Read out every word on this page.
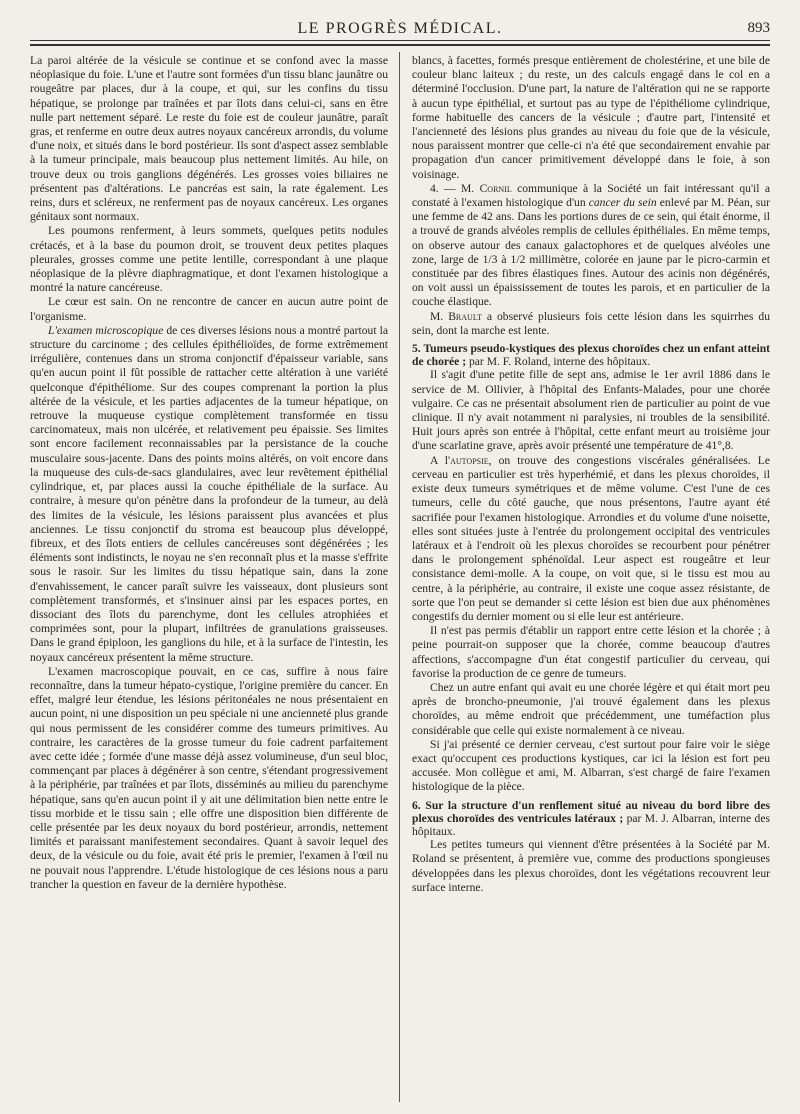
LE PROGRÈS MÉDICAL.	893

La paroi altérée de la vésicule se continue et se confond avec la masse néoplasique du foie. L'une et l'autre sont formées d'un tissu blanc jaunâtre ou rougeâtre par places, dur à la coupe, et qui, sur les confins du tissu hépatique, se prolonge par traînées et par îlots dans celui-ci, sans en être nulle part nettement séparé. Le reste du foie est de couleur jaunâtre, paraît gras, et renferme en outre deux autres noyaux cancéreux arrondis, du volume d'une noix, et situés dans le bord postérieur. Ils sont d'aspect assez semblable à la tumeur principale, mais beaucoup plus nettement limités. Au hile, on trouve deux ou trois ganglions dégénérés. Les grosses voies biliaires ne présentent pas d'altérations. Le pancréas est sain, la rate également. Les reins, durs et scléreux, ne renferment pas de noyaux cancéreux. Les organes génitaux sont normaux.

Les poumons renferment, à leurs sommets, quelques petits nodules crétacés, et à la base du poumon droit, se trouvent deux petites plaques pleurales, grosses comme une petite lentille, correspondant à une plaque néoplasique de la plèvre diaphragmatique, et dont l'examen histologique a montré la nature cancéreuse.

Le cœur est sain. On ne rencontre de cancer en aucun autre point de l'organisme.

L'examen microscopique de ces diverses lésions nous a montré partout la structure du carcinome ; des cellules épithélioïdes, de forme extrêmement irrégulière, contenues dans un stroma conjonctif d'épaisseur variable, sans qu'en aucun point il fût possible de rattacher cette altération à une variété quelconque d'épithéliome. Sur des coupes comprenant la portion la plus altérée de la vésicule, et les parties adjacentes de la tumeur hépatique, on retrouve la muqueuse cystique complètement transformée en tissu carcinomateux, mais non ulcérée, et relativement peu épaissie. Ses limites sont encore facilement reconnaissables par la persistance de la couche musculaire sous-jacente. Dans des points moins altérés, on voit encore dans la muqueuse des culs-de-sacs glandulaires, avec leur revêtement épithélial cylindrique, et, par places aussi la couche épithéliale de la surface. Au contraire, à mesure qu'on pénètre dans la profondeur de la tumeur, au delà des limites de la vésicule, les lésions paraissent plus avancées et plus anciennes. Le tissu conjonctif du stroma est beaucoup plus développé, fibreux, et des îlots entiers de cellules cancéreuses sont dégénérées ; les éléments sont indistincts, le noyau ne s'en reconnaît plus et la masse s'effrite sous le rasoir. Sur les limites du tissu hépatique sain, dans la zone d'envahissement, le cancer paraît suivre les vaisseaux, dont plusieurs sont complètement transformés, et s'insinuer ainsi par les espaces portes, en dissociant des îlots du parenchyme, dont les cellules atrophiées et comprimées sont, pour la plupart, infiltrées de granulations graisseuses. Dans le grand épiploon, les ganglions du hile, et à la surface de l'intestin, les noyaux cancéreux présentent la même structure.

L'examen macroscopique pouvait, en ce cas, suffire à nous faire reconnaître, dans la tumeur hépato-cystique, l'origine première du cancer. En effet, malgré leur étendue, les lésions péritonéales ne nous présentaient en aucun point, ni une disposition un peu spéciale ni une ancienneté plus grande qui nous permissent de les considérer comme des tumeurs primitives. Au contraire, les caractères de la grosse tumeur du foie cadrent parfaitement avec cette idée ; formée d'une masse déjà assez volumineuse, d'un seul bloc, commençant par places à dégénérer à son centre, s'étendant progressivement à la périphérie, par traînées et par îlots, disséminés au milieu du parenchyme hépatique, sans qu'en aucun point il y ait une délimitation bien nette entre le tissu morbide et le tissu sain ; elle offre une disposition bien différente de celle présentée par les deux noyaux du bord postérieur, arrondis, nettement limités et paraissant manifestement secondaires. Quant à savoir lequel des deux, de la vésicule ou du foie, avait été pris le premier, l'examen à l'œil nu ne pouvait nous l'apprendre. L'étude histologique de ces lésions nous a paru trancher la question en faveur de la dernière hypothèse.

blancs, à facettes, formés presque entièrement de cholestérine, et une bile de couleur blanc laiteux ; du reste, un des calculs engagé dans le col en a déterminé l'occlusion. D'une part, la nature de l'altération qui ne se rapporte à aucun type épithélial, et surtout pas au type de l'épithéliome cylindrique, forme habituelle des cancers de la vésicule ; d'autre part, l'intensité et l'ancienneté des lésions plus grandes au niveau du foie que de la vésicule, nous paraissent montrer que celle-ci n'a été que secondairement envahie par propagation d'un cancer primitivement développé dans le foie, à son voisinage.

4. — M. Cornil communique à la Société un fait intéressant qu'il a constaté à l'examen histologique d'un cancer du sein enlevé par M. Péan, sur une femme de 42 ans. Dans les portions dures de ce sein, qui était énorme, il a trouvé de grands alvéoles remplis de cellules épithéliales. En même temps, on observe autour des canaux galactophores et de quelques alvéoles une zone, large de 1/3 à 1/2 millimètre, colorée en jaune par le picro-carmin et constituée par des fibres élastiques fines. Autour des acinis non dégénérés, on voit aussi un épaississement de toutes les parois, et en particulier de la couche élastique.

M. Brault a observé plusieurs fois cette lésion dans les squirrhes du sein, dont la marche est lente.

5. Tumeurs pseudo-kystiques des plexus choroïdes chez un enfant atteint de chorée ; par M. F. Roland, interne des hôpitaux.

Il s'agit d'une petite fille de sept ans, admise le 1er avril 1886 dans le service de M. Ollivier, à l'hôpital des Enfants-Malades, pour une chorée vulgaire. Ce cas ne présentait absolument rien de particulier au point de vue clinique. Il n'y avait notamment ni paralysies, ni troubles de la sensibilité. Huit jours après son entrée à l'hôpital, cette enfant meurt au troisième jour d'une scarlatine grave, après avoir présenté une température de 41°,8.

A l'autopsie, on trouve des congestions viscérales généralisées. Le cerveau en particulier est très hyperhémié, et dans les plexus choroïdes, il existe deux tumeurs symétriques et de même volume. C'est l'une de ces tumeurs, celle du côté gauche, que nous présentons, l'autre ayant été sacrifiée pour l'examen histologique. Arrondies et du volume d'une noisette, elles sont situées juste à l'entrée du prolongement occipital des ventricules latéraux et à l'endroit où les plexus choroïdes se recourbent pour pénétrer dans le prolongement sphénoïdal. Leur aspect est rougeâtre et leur consistance demi-molle. A la coupe, on voit que, si le tissu est mou au centre, à la périphérie, au contraire, il existe une coque assez résistante, de sorte que l'on peut se demander si cette lésion est bien due aux phénomènes congestifs du dernier moment ou si elle leur est antérieure.

Il n'est pas permis d'établir un rapport entre cette lésion et la chorée ; à peine pourrait-on supposer que la chorée, comme beaucoup d'autres affections, s'accompagne d'un état congestif particulier du cerveau, qui favorise la production de ce genre de tumeurs.

Chez un autre enfant qui avait eu une chorée légère et qui était mort peu après de broncho-pneumonie, j'ai trouvé également dans les plexus choroïdes, au même endroit que précédemment, une tuméfaction plus considérable que celle qui existe normalement à ce niveau.

Si j'ai présenté ce dernier cerveau, c'est surtout pour faire voir le siège exact qu'occupent ces productions kystiques, car ici la lésion est fort peu accusée. Mon collègue et ami, M. Albarran, s'est chargé de faire l'examen histologique de la pièce.

6. Sur la structure d'un renflement situé au niveau du bord libre des plexus choroïdes des ventricules latéraux ; par M. J. Albarran, interne des hôpitaux.

Les petites tumeurs qui viennent d'être présentées à la Société par M. Roland se présentent, à première vue, comme des productions spongieuses développées dans les plexus choroïdes, dont les végétations recouvrent leur surface interne.
